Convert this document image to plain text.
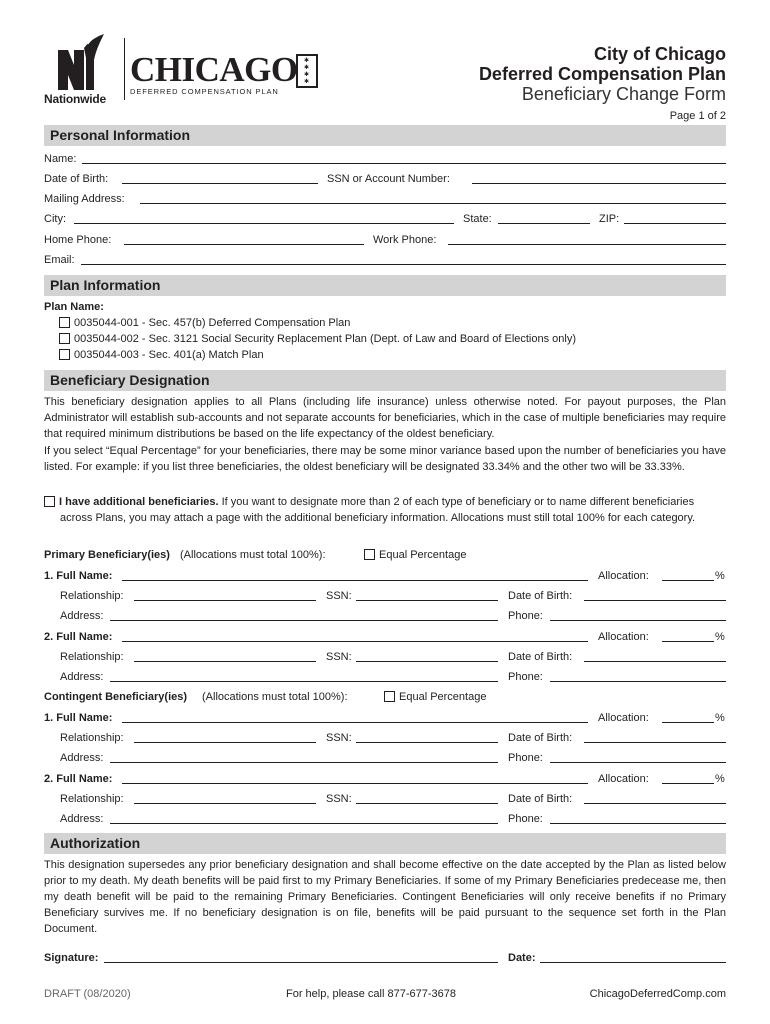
Nationwide
CHICAGO ✱
✱
✱
✱
DEFERRED COMPENSATION PLAN
City of Chicago
Deferred Compensation Plan
Beneficiary Change Form
Page 1 of 2
Personal Information
Name:
Date of Birth:	SSN or Account Number:
Mailing Address:
City:	State:	ZIP:
Home Phone:	Work Phone:
Email:
Plan Information
Plan Name:
0035044-001 - Sec. 457(b) Deferred Compensation Plan
0035044-002 - Sec. 3121 Social Security Replacement Plan (Dept. of Law and Board of Elections only)
0035044-003 - Sec. 401(a) Match Plan
Beneficiary Designation
This beneficiary designation applies to all Plans (including life insurance) unless otherwise noted. For payout purposes, the Plan Administrator will establish sub-accounts and not separate accounts for beneficiaries, which in the case of multiple beneficiaries may require that required minimum distributions be based on the life expectancy of the oldest beneficiary.
If you select “Equal Percentage” for your beneficiaries, there may be some minor variance based upon the number of beneficiaries you have listed. For example: if you list three beneficiaries, the oldest beneficiary will be designated 33.34% and the other two will be 33.33%.
I have additional beneficiaries. If you want to designate more than 2 of each type of beneficiary or to name different beneficiaries across Plans, you may attach a page with the additional beneficiary information. Allocations must still total 100% for each category.
Primary Beneficiary(ies) (Allocations must total 100%):	Equal Percentage
1. Full Name:	Allocation:	%
Relationship:	SSN:	Date of Birth:
Address:	Phone:
2. Full Name:	Allocation:	%
Relationship:	SSN:	Date of Birth:
Address:	Phone:
Contingent Beneficiary(ies) (Allocations must total 100%):	Equal Percentage
1. Full Name:	Allocation:	%
Relationship:	SSN:	Date of Birth:
Address:	Phone:
2. Full Name:	Allocation:	%
Relationship:	SSN:	Date of Birth:
Address:	Phone:
Authorization
This designation supersedes any prior beneficiary designation and shall become effective on the date accepted by the Plan as listed below prior to my death. My death benefits will be paid first to my Primary Beneficiaries. If some of my Primary Beneficiaries predecease me, then my death benefit will be paid to the remaining Primary Beneficiaries. Contingent Beneficiaries will only receive benefits if no Primary Beneficiary survives me. If no beneficiary designation is on file, benefits will be paid pursuant to the sequence set forth in the Plan Document.
Signature:	Date:
DRAFT (08/2020)	For help, please call 877-677-3678	ChicagoDeferredComp.com
